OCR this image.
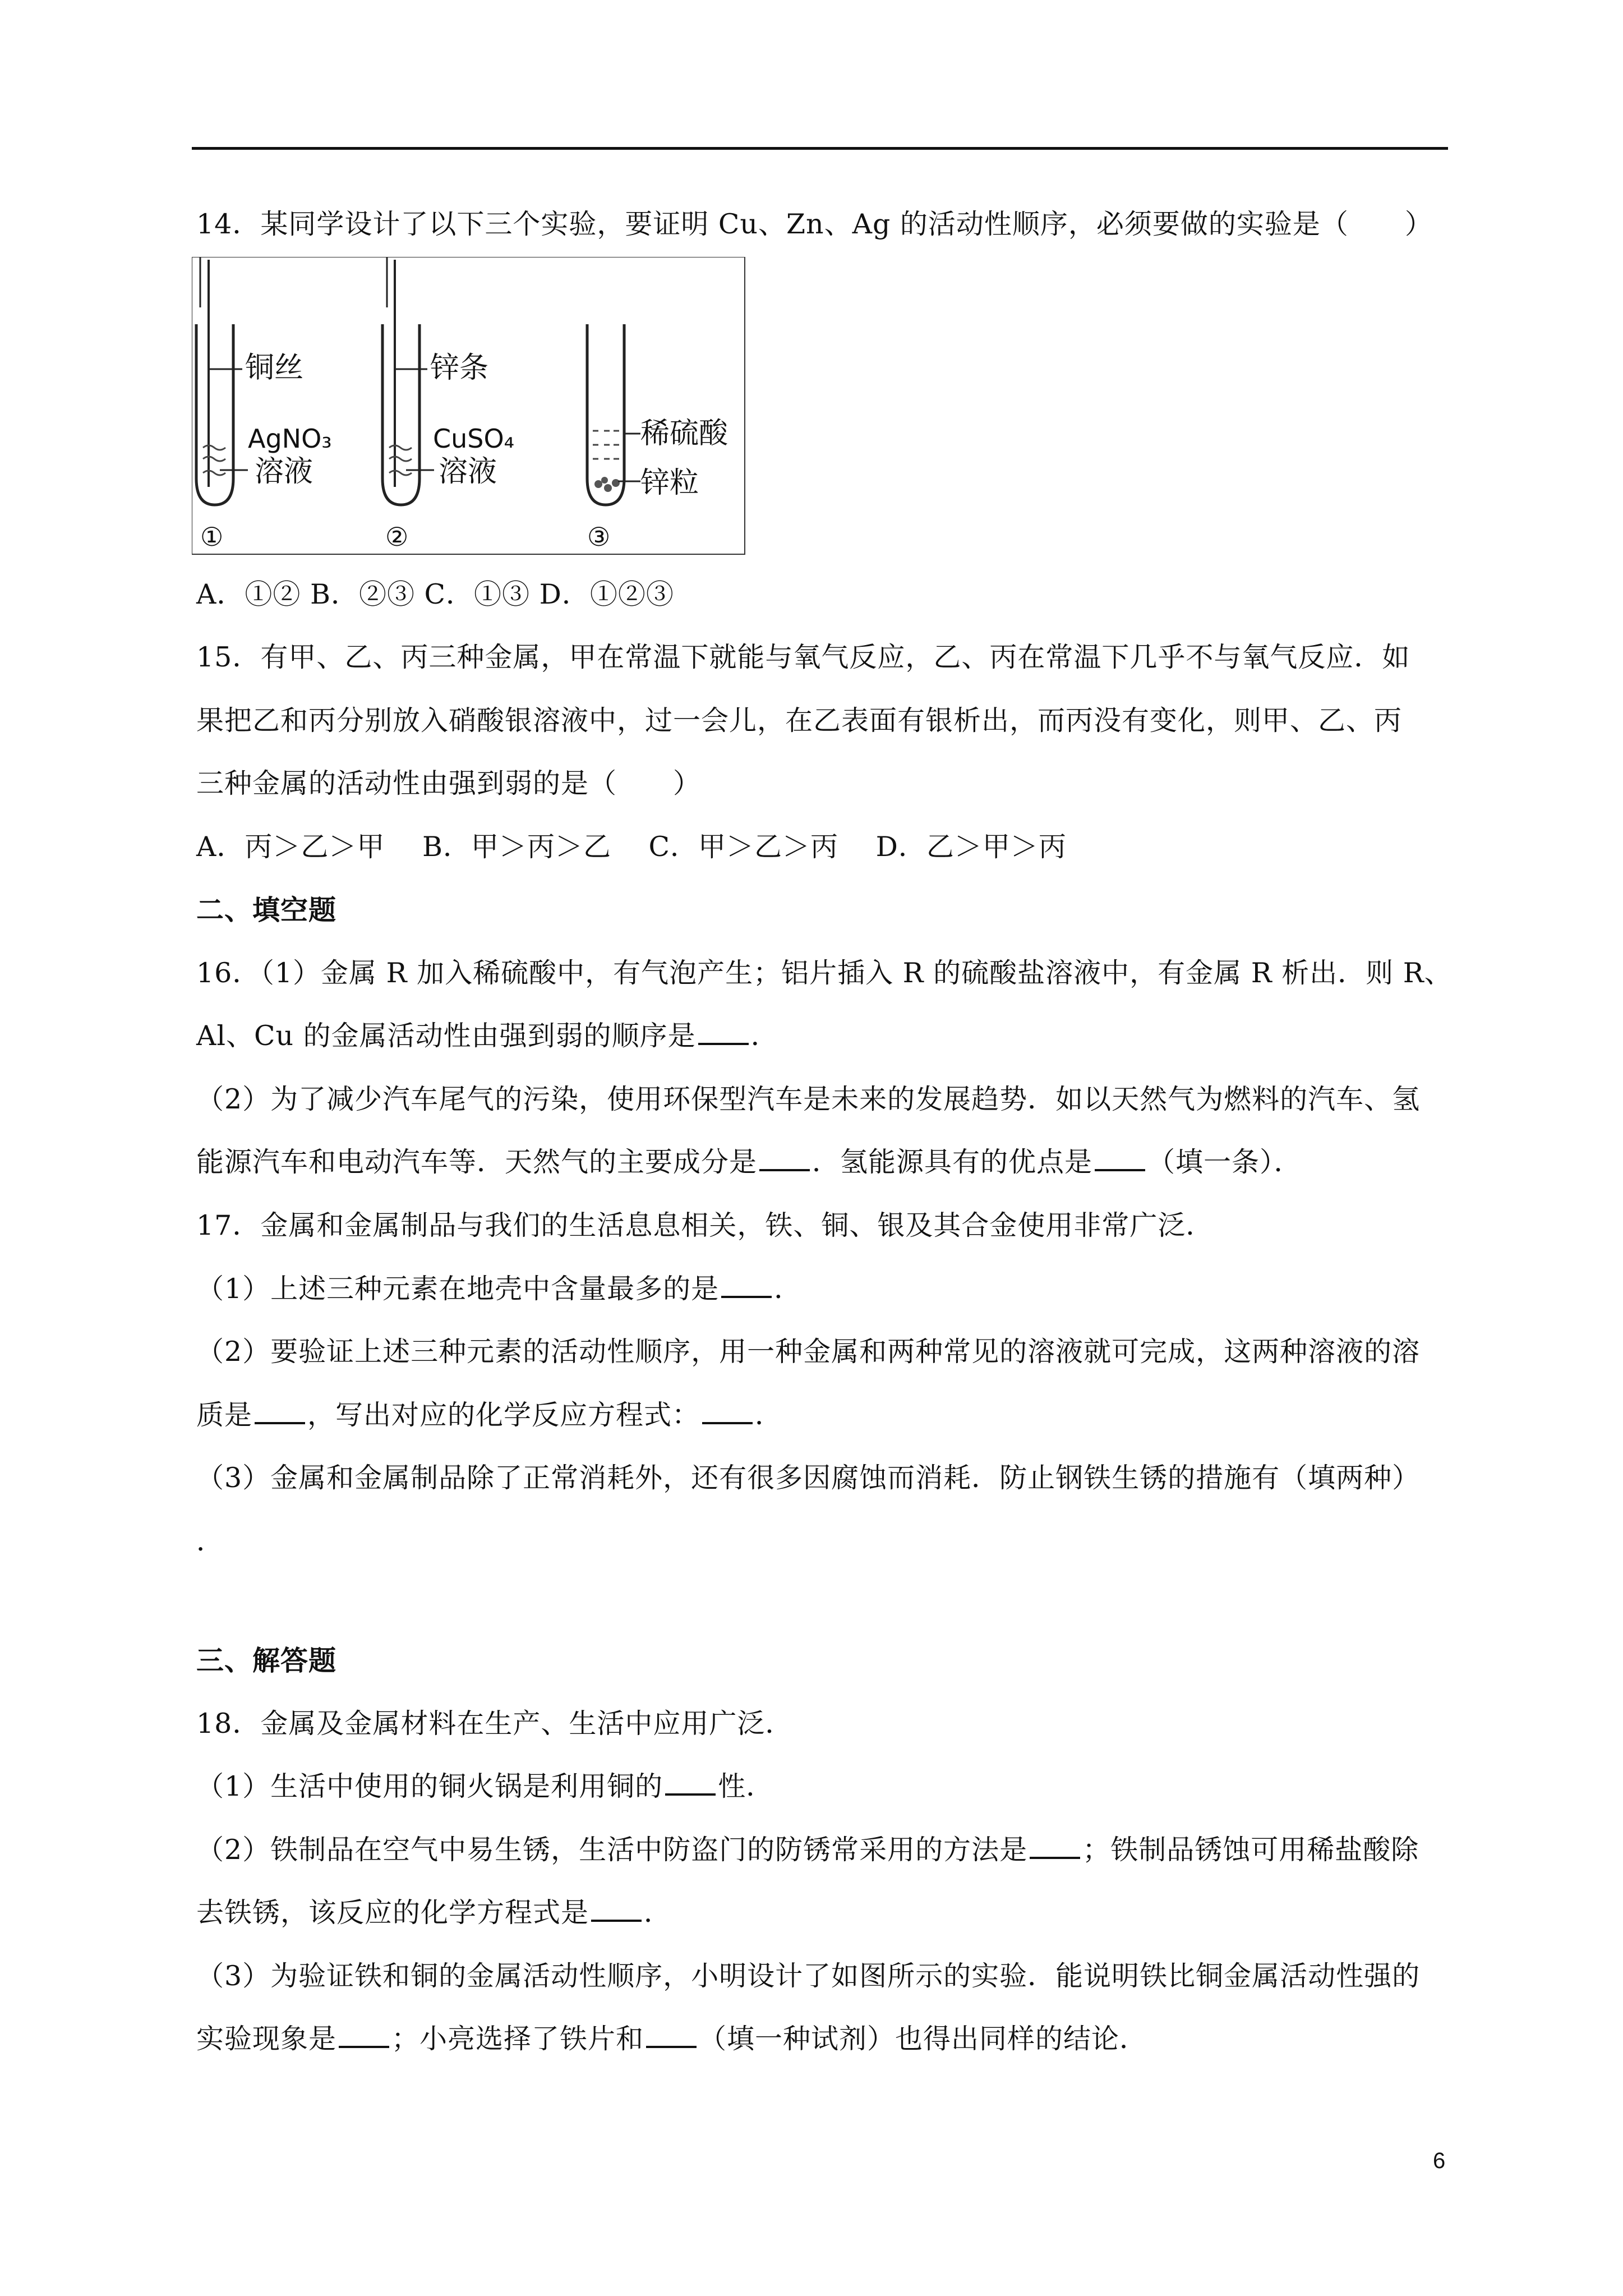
14．某同学设计了以下三个实验，要证明 Cu、Zn、Ag 的活动性顺序，必须要做的实验是（　　）
铜丝
AgNO₃
溶液
①
锌条
CuSO₄
溶液
②
稀硫酸
锌粒
③
A．①② B．②③ C．①③ D．①②③
15．有甲、乙、丙三种金属，甲在常温下就能与氧气反应，乙、丙在常温下几乎不与氧气反应．如
果把乙和丙分别放入硝酸银溶液中，过一会儿，在乙表面有银析出，而丙没有变化，则甲、乙、丙
三种金属的活动性由强到弱的是（　　）
A．丙＞乙＞甲　 B．甲＞丙＞乙　 C．甲＞乙＞丙　 D．乙＞甲＞丙
二、填空题
16．（1）金属 R 加入稀硫酸中，有气泡产生；铝片插入 R 的硫酸盐溶液中，有金属 R 析出．则 R、
Al、Cu 的金属活动性由强到弱的顺序是 ．
（2）为了减少汽车尾气的污染，使用环保型汽车是未来的发展趋势．如以天然气为燃料的汽车、氢
能源汽车和电动汽车等．天然气的主要成分是 ．氢能源具有的优点是 （填一条）．
17．金属和金属制品与我们的生活息息相关，铁、铜、银及其合金使用非常广泛．
（1）上述三种元素在地壳中含量最多的是 ．
（2）要验证上述三种元素的活动性顺序，用一种金属和两种常见的溶液就可完成，这两种溶液的溶
质是 ，写出对应的化学反应方程式： ．
（3）金属和金属制品除了正常消耗外，还有很多因腐蚀而消耗．防止钢铁生锈的措施有（填两种）
．
三、解答题
18．金属及金属材料在生产、生活中应用广泛．
（1）生活中使用的铜火锅是利用铜的 性．
（2）铁制品在空气中易生锈，生活中防盗门的防锈常采用的方法是 ；铁制品锈蚀可用稀盐酸除
去铁锈，该反应的化学方程式是 ．
（3）为验证铁和铜的金属活动性顺序，小明设计了如图所示的实验．能说明铁比铜金属活动性强的
实验现象是 ；小亮选择了铁片和 （填一种试剂）也得出同样的结论．
6
